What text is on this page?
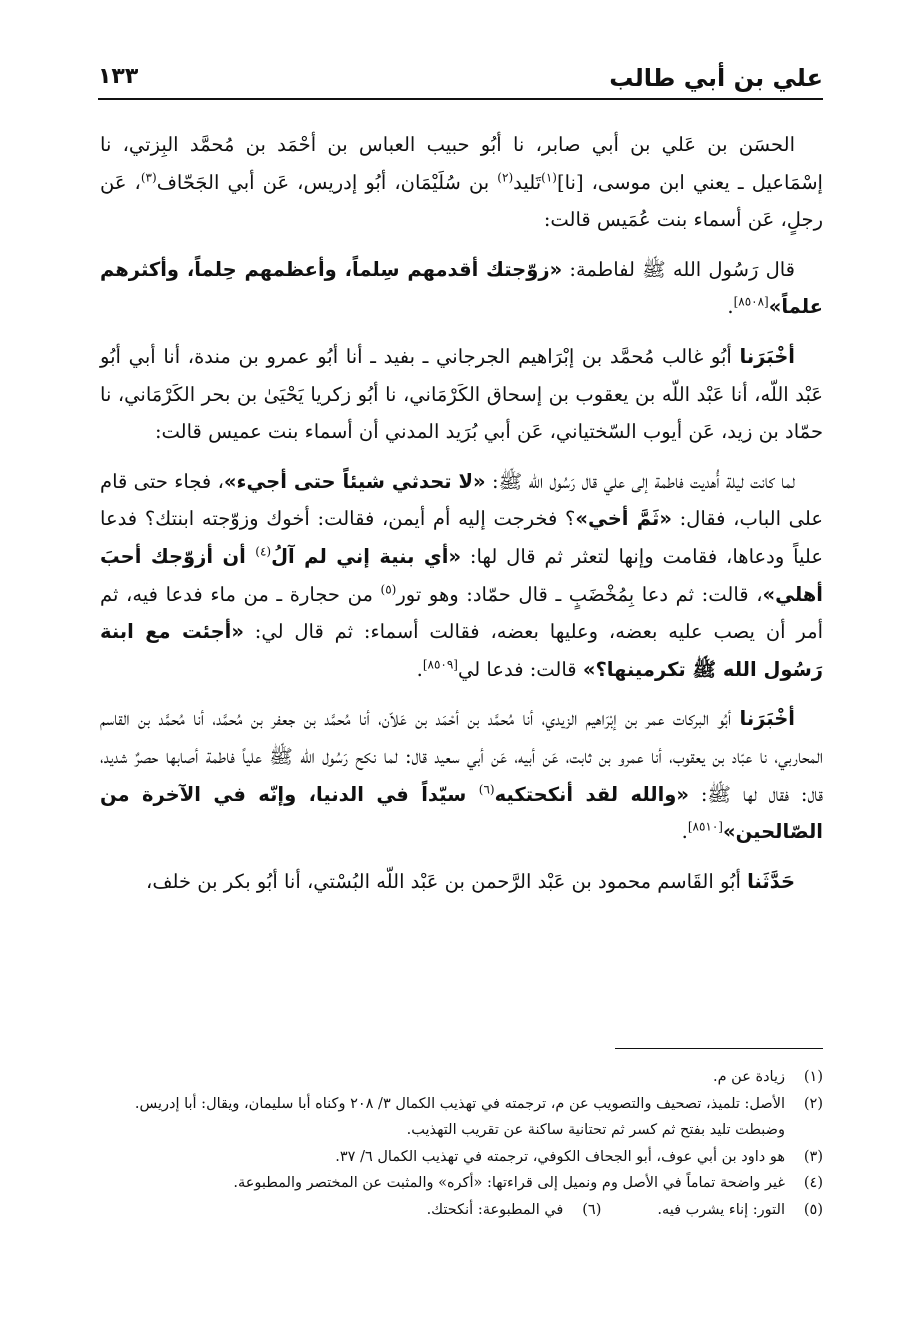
علي بن أبي طالب
١٣٣

الحسَن بن عَلي بن أبي صابر، نا أبُو حبيب العباس بن أحْمَد بن مُحمَّد البِزتي، نا إسْمَاعيل ـ يعني ابن موسى، [نا]$^{(١)}$تَليد$^{(٢)}$ بن سُلَيْمَان، أبُو إدريس، عَن أبي الجَحّاف$^{(٣)}$، عَن رجلٍ، عَن أسماء بنت عُمَيس قالت:

قال رَسُول الله ﷺ لفاطمة: «زوّجتك أقدمهم سِلماً، وأعظمهم حِلماً، وأكثرهم علماً»[٨٥٠٨].

أخْبَرَنا أبُو غالب مُحمَّد بن إبْرَاهيم الجرجاني ـ بفيد ـ أنا أبُو عمرو بن مندة، أنا أبي أبُو عَبْد اللّه، أنا عَبْد اللّه بن يعقوب بن إسحاق الكَرْمَاني، نا أبُو زكريا يَحْيَىٰ بن بحر الكَرْمَاني، نا حمّاد بن زيد، عَن أيوب السّختياني، عَن أبي بُرَيد المدني أن أسماء بنت عميس قالت:

لما كانت ليلة أُهديت فاطمة إلى علي قال رَسُول الله ﷺ: «لا تحدثي شيئاً حتى أجيء»، فجاء حتى قام على الباب، فقال: «ثَمَّ أخي»؟ فخرجت إليه أم أيمن، فقالت: أخوك وزوّجته ابنتك؟ فدعا علياً ودعاها، فقامت وإنها لتعثر ثم قال لها: «أي بنية إني لم آلُ$^{(٤)}$ أن أزوّجك أحبَ أهلي»، قالت: ثم دعا بِمُخْضَبٍ ـ قال حمّاد: وهو تور$^{(٥)}$ من حجارة ـ من ماء فدعا فيه، ثم أمر أن يصب عليه بعضه، وعليها بعضه، فقالت أسماء: ثم قال لي: «أجئت مع ابنة رَسُول الله ﷺ تكرمينها؟» قالت: فدعا لي[٨٥٠٩].

أخْبَرَنا أبُو البركات عمر بن إبْرَاهيم الزيدي، أنا مُحمَّد بن أحْمَد بن عَلاّن، أنا مُحمَّد بن جعفر بن مُحمَّد، أنا مُحمَّد بن القاسم المحاربي، نا عبّاد بن يعقوب، أنا عمرو بن ثابت، عَن أبيه، عَن أبي سعيد قال: لما نكح رَسُول الله ﷺ علياً فاطمة أصابها حصرٌ شديد، قال: فقال لها ﷺ: «والله لقد أنكحتكيه$^{(٦)}$ سيّداً في الدنيا، وإنّه في الآخرة من الصّالحين»[٨٥١٠].

حَدَّثَنا أبُو القَاسم محمود بن عَبْد الرَّحمن بن عَبْد اللّه البُسْتي، أنا أبُو بكر بن خلف،

(١)
زيادة عن م.
(٢)
الأصل: تلميذ، تصحيف والتصويب عن م، ترجمته في تهذيب الكمال ٣/ ٢٠٨ وكناه أبا سليمان، ويقال: أبا إدريس.
وضبطت تليد بفتح ثم كسر ثم تحتانية ساكنة عن تقريب التهذيب.
(٣)
هو داود بن أبي عوف، أبو الجحاف الكوفي، ترجمته في تهذيب الكمال ٦/ ٣٧.
(٤)
غير واضحة تماماً في الأصل وم ونميل إلى قراءتها: «أكره» والمثبت عن المختصر والمطبوعة.
(٥)
التور: إناء يشرب فيه.
(٦)
في المطبوعة: أنكحتك.
